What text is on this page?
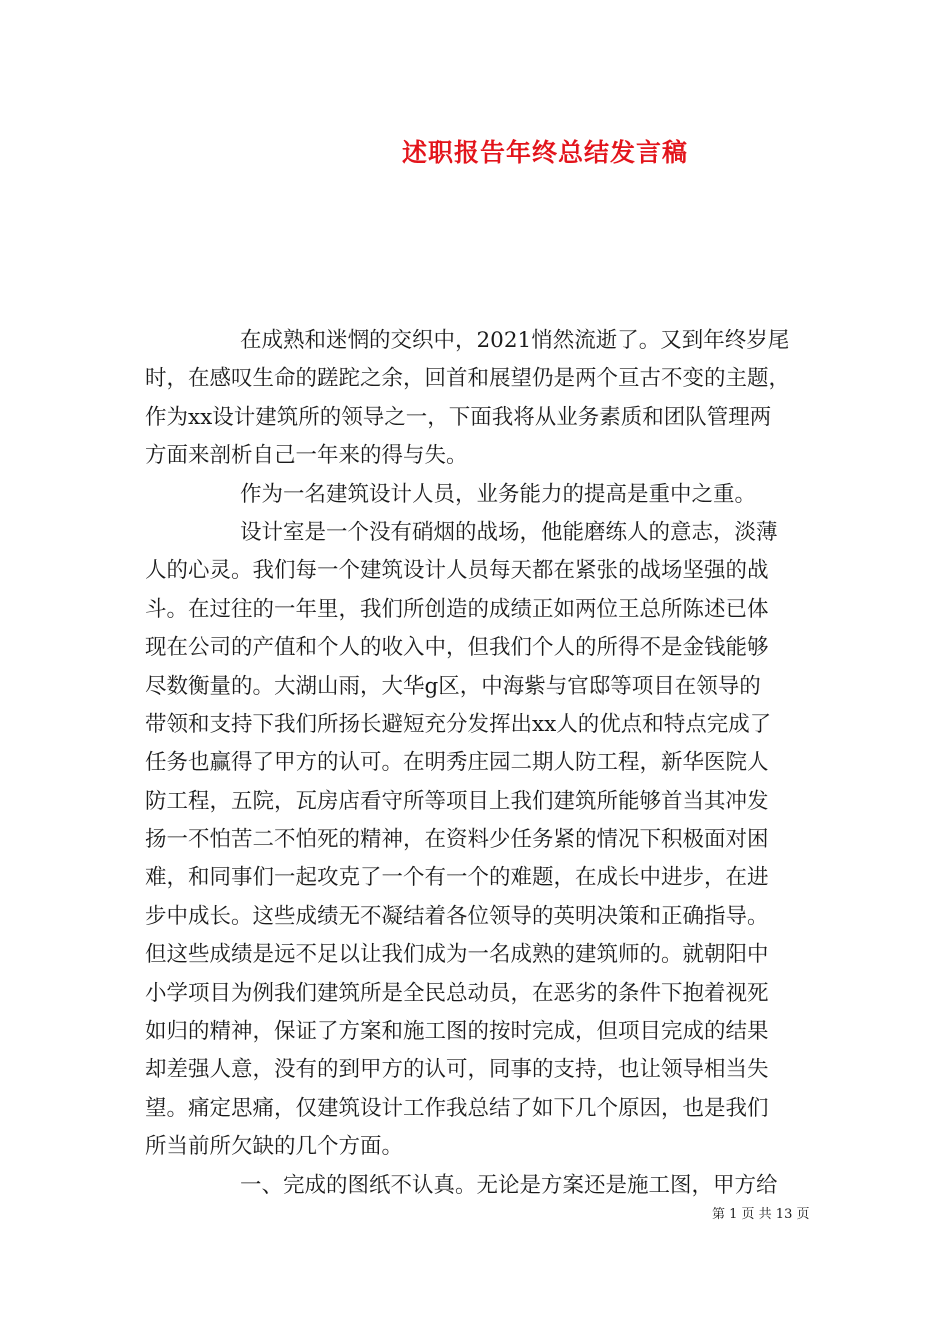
述职报告年终总结发言稿
在成熟和迷惘的交织中，2021悄然流逝了。又到年终岁尾
时，在感叹生命的蹉跎之余，回首和展望仍是两个亘古不变的主题，
作为xx设计建筑所的领导之一，下面我将从业务素质和团队管理两
方面来剖析自己一年来的得与失。
作为一名建筑设计人员，业务能力的提高是重中之重。
设计室是一个没有硝烟的战场，他能磨练人的意志，淡薄
人的心灵。我们每一个建筑设计人员每天都在紧张的战场坚强的战
斗。在过往的一年里，我们所创造的成绩正如两位王总所陈述已体
现在公司的产值和个人的收入中，但我们个人的所得不是金钱能够
尽数衡量的。大湖山雨，大华g区，中海紫与官邸等项目在领导的
带领和支持下我们所扬长避短充分发挥出xx人的优点和特点完成了
任务也赢得了甲方的认可。在明秀庄园二期人防工程，新华医院人
防工程，五院，瓦房店看守所等项目上我们建筑所能够首当其冲发
扬一不怕苦二不怕死的精神，在资料少任务紧的情况下积极面对困
难，和同事们一起攻克了一个有一个的难题，在成长中进步，在进
步中成长。这些成绩无不凝结着各位领导的英明决策和正确指导。
但这些成绩是远不足以让我们成为一名成熟的建筑师的。就朝阳中
小学项目为例我们建筑所是全民总动员，在恶劣的条件下抱着视死
如归的精神，保证了方案和施工图的按时完成，但项目完成的结果
却差强人意，没有的到甲方的认可，同事的支持，也让领导相当失
望。痛定思痛，仅建筑设计工作我总结了如下几个原因，也是我们
所当前所欠缺的几个方面。
一、完成的图纸不认真。无论是方案还是施工图，甲方给
第 1 页 共 13 页
